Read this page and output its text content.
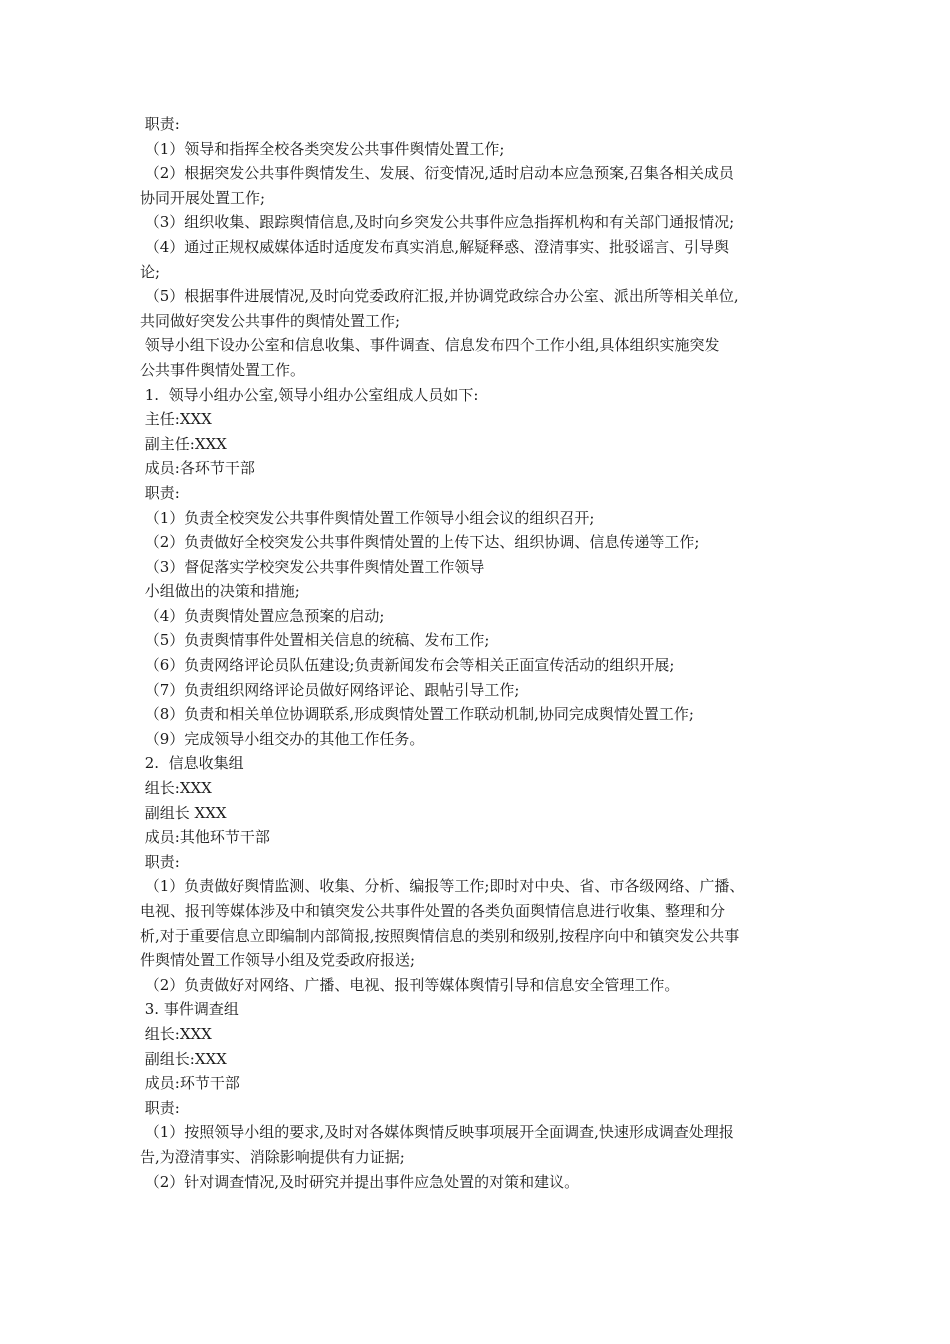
职责:

（1）领导和指挥全校各类突发公共事件舆情处置工作;

（2）根据突发公共事件舆情发生、发展、衍变情况,适时启动本应急预案,召集各相关成员

协同开展处置工作;

（3）组织收集、跟踪舆情信息,及时向乡突发公共事件应急指挥机构和有关部门通报情况;

（4）通过正规权威媒体适时适度发布真实消息,解疑释惑、澄清事实、批驳谣言、引导舆

论;

（5）根据事件进展情况,及时向党委政府汇报,并协调党政综合办公室、派出所等相关单位,

共同做好突发公共事件的舆情处置工作;

领导小组下设办公室和信息收集、事件调查、信息发布四个工作小组,具体组织实施突发

公共事件舆情处置工作。

1.  领导小组办公室,领导小组办公室组成人员如下:

主任:XXX

副主任:XXX

成员:各环节干部

职责:

（1）负责全校突发公共事件舆情处置工作领导小组会议的组织召开;

（2）负责做好全校突发公共事件舆情处置的上传下达、组织协调、信息传递等工作;

（3）督促落实学校突发公共事件舆情处置工作领导

小组做出的决策和措施;

（4）负责舆情处置应急预案的启动;

（5）负责舆情事件处置相关信息的统稿、发布工作;

（6）负责网络评论员队伍建设;负责新闻发布会等相关正面宣传活动的组织开展;

（7）负责组织网络评论员做好网络评论、跟帖引导工作;

（8）负责和相关单位协调联系,形成舆情处置工作联动机制,协同完成舆情处置工作;

（9）完成领导小组交办的其他工作任务。

2.  信息收集组

组长:XXX

副组长 XXX

成员:其他环节干部

职责:

（1）负责做好舆情监测、收集、分析、编报等工作;即时对中央、省、市各级网络、广播、

电视、报刊等媒体涉及中和镇突发公共事件处置的各类负面舆情信息进行收集、整理和分

析,对于重要信息立即编制内部简报,按照舆情信息的类别和级别,按程序向中和镇突发公共事

件舆情处置工作领导小组及党委政府报送;

（2）负责做好对网络、广播、电视、报刊等媒体舆情引导和信息安全管理工作。

3. 事件调查组

组长:XXX

副组长:XXX

成员:环节干部

职责:

（1）按照领导小组的要求,及时对各媒体舆情反映事项展开全面调查,快速形成调查处理报

告,为澄清事实、消除影响提供有力证据;

（2）针对调查情况,及时研究并提出事件应急处置的对策和建议。
